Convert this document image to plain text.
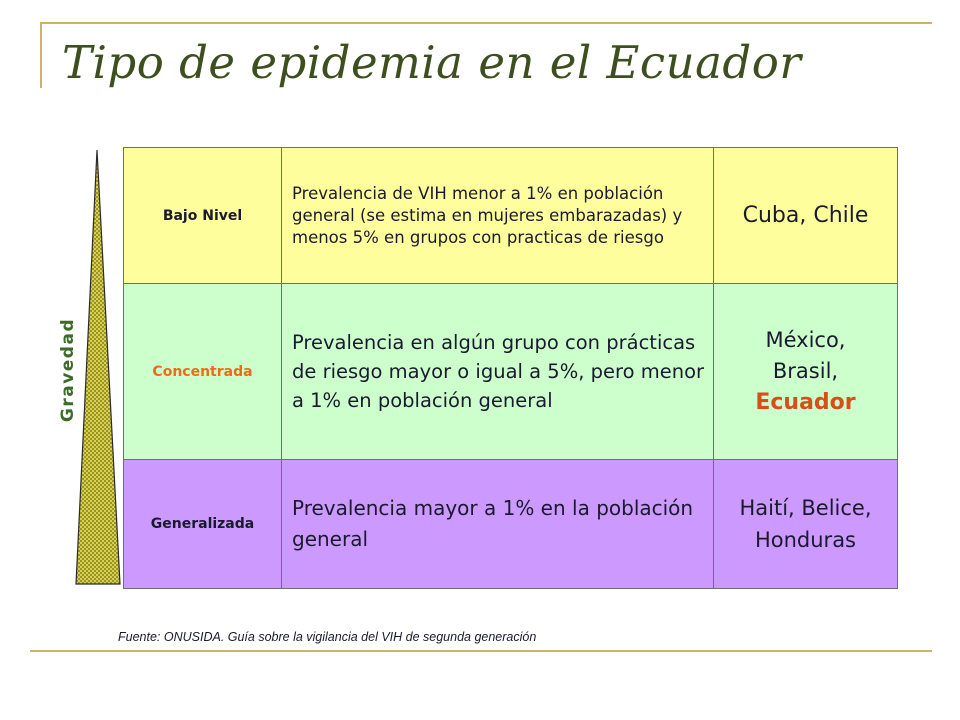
Tipo de epidemia en el Ecuador
Gravedad
Bajo Nivel	Prevalencia de VIH menor a 1% en población general (se estima en mujeres embarazadas) y menos 5% en grupos con practicas de riesgo	Cuba, Chile
Concentrada	Prevalencia en algún grupo con prácticas de riesgo mayor o igual a 5%, pero menor a 1% en población general	México,
Brasil,
Ecuador

Generalizada	Prevalencia mayor a 1% en la población general	Haití, Belice,
Honduras
Fuente: ONUSIDA. Guía sobre la vigilancia del VIH de segunda generación
